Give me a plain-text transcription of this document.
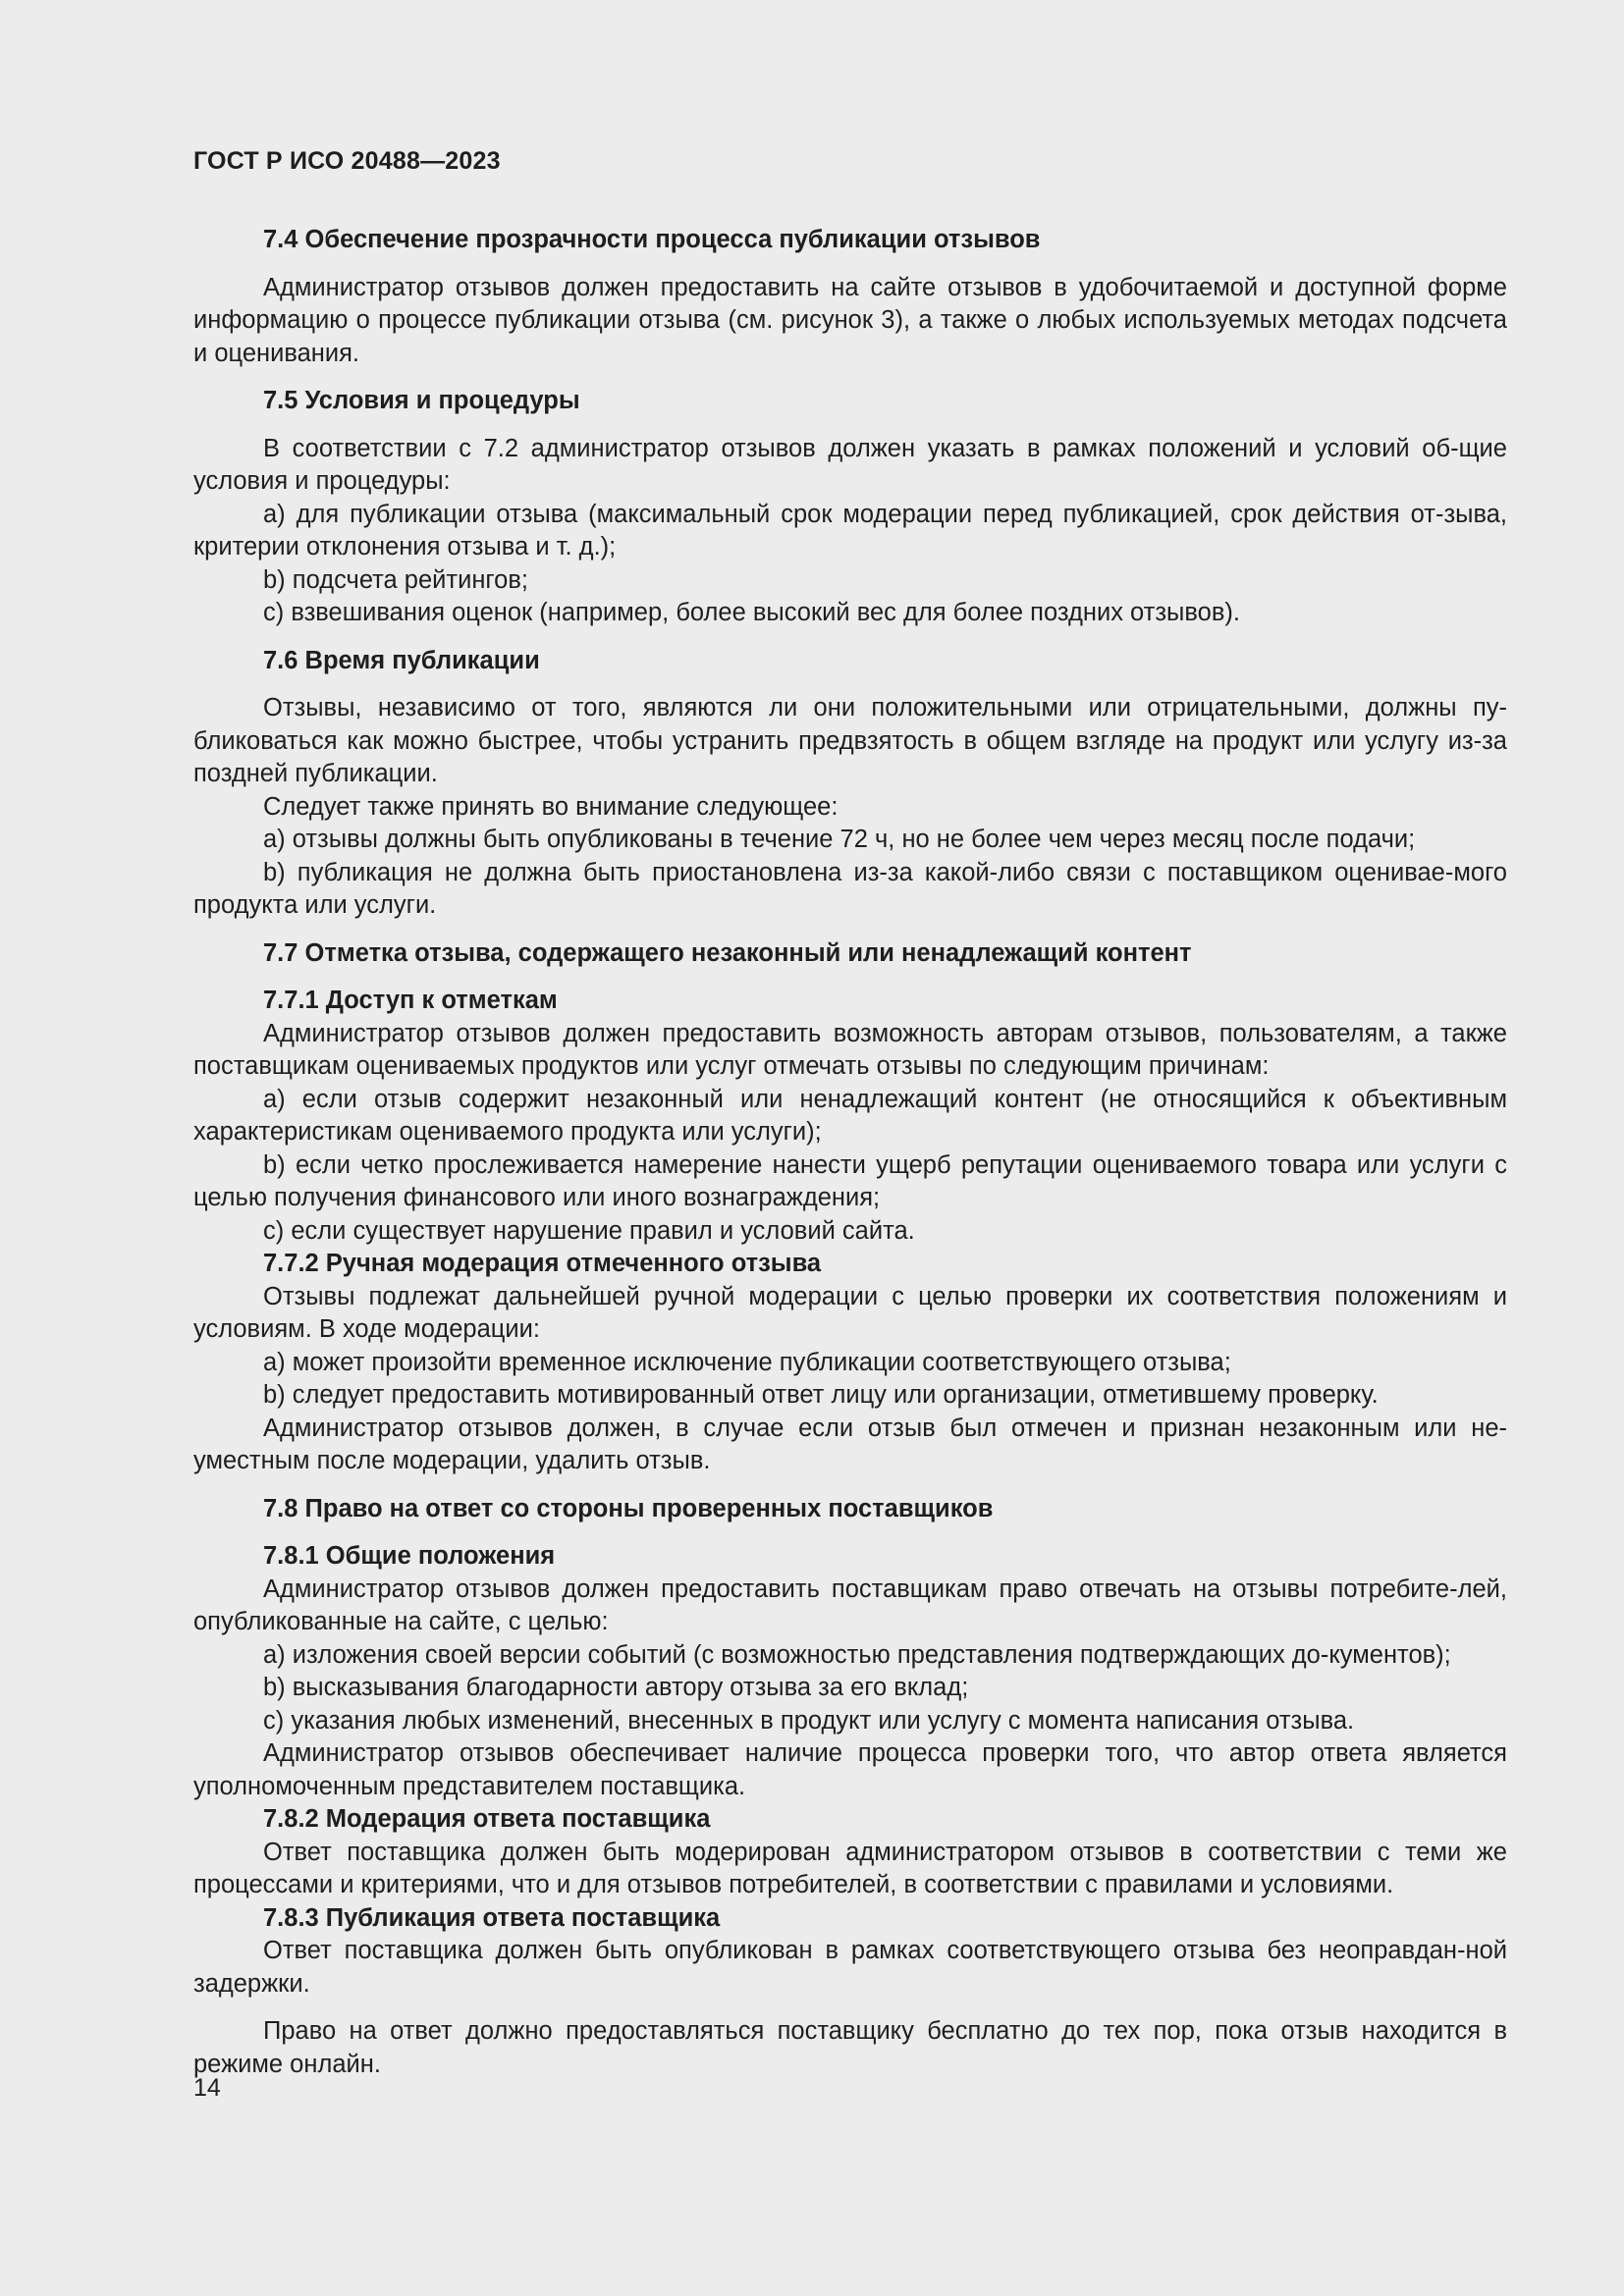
ГОСТ Р ИСО 20488—2023

7.4 Обеспечение прозрачности процесса публикации отзывов

Администратор отзывов должен предоставить на сайте отзывов в удобочитаемой и доступной форме информацию о процессе публикации отзыва (см. рисунок 3), а также о любых используемых методах подсчета и оценивания.

7.5 Условия и процедуры

В соответствии с 7.2 администратор отзывов должен указать в рамках положений и условий об-щие условия и процедуры:

a) для публикации отзыва (максимальный срок модерации перед публикацией, срок действия от-зыва, критерии отклонения отзыва и т. д.);

b) подсчета рейтингов;

c) взвешивания оценок (например, более высокий вес для более поздних отзывов).

7.6 Время публикации

Отзывы, независимо от того, являются ли они положительными или отрицательными, должны пу-бликоваться как можно быстрее, чтобы устранить предвзятость в общем взгляде на продукт или услугу из-за поздней публикации.

Следует также принять во внимание следующее:

a) отзывы должны быть опубликованы в течение 72 ч, но не более чем через месяц после подачи;

b) публикация не должна быть приостановлена из-за какой-либо связи с поставщиком оценивае-мого продукта или услуги.

7.7 Отметка отзыва, содержащего незаконный или ненадлежащий контент

7.7.1 Доступ к отметкам

Администратор отзывов должен предоставить возможность авторам отзывов, пользователям, а также поставщикам оцениваемых продуктов или услуг отмечать отзывы по следующим причинам:

a) если отзыв содержит незаконный или ненадлежащий контент (не относящийся к объективным характеристикам оцениваемого продукта или услуги);

b) если четко прослеживается намерение нанести ущерб репутации оцениваемого товара или услуги с целью получения финансового или иного вознаграждения;

c) если существует нарушение правил и условий сайта.

7.7.2 Ручная модерация отмеченного отзыва

Отзывы подлежат дальнейшей ручной модерации с целью проверки их соответствия положениям и условиям. В ходе модерации:

a) может произойти временное исключение публикации соответствующего отзыва;

b) следует предоставить мотивированный ответ лицу или организации, отметившему проверку.

Администратор отзывов должен, в случае если отзыв был отмечен и признан незаконным или не-уместным после модерации, удалить отзыв.

7.8 Право на ответ со стороны проверенных поставщиков

7.8.1 Общие положения

Администратор отзывов должен предоставить поставщикам право отвечать на отзывы потребите-лей, опубликованные на сайте, с целью:

a) изложения своей версии событий (с возможностью представления подтверждающих до-кументов);

b) высказывания благодарности автору отзыва за его вклад;

c) указания любых изменений, внесенных в продукт или услугу с момента написания отзыва.

Администратор отзывов обеспечивает наличие процесса проверки того, что автор ответа является уполномоченным представителем поставщика.

7.8.2 Модерация ответа поставщика

Ответ поставщика должен быть модерирован администратором отзывов в соответствии с теми же процессами и критериями, что и для отзывов потребителей, в соответствии с правилами и условиями.

7.8.3 Публикация ответа поставщика

Ответ поставщика должен быть опубликован в рамках соответствующего отзыва без неоправдан-ной задержки.

Право на ответ должно предоставляться поставщику бесплатно до тех пор, пока отзыв находится в режиме онлайн.

14
